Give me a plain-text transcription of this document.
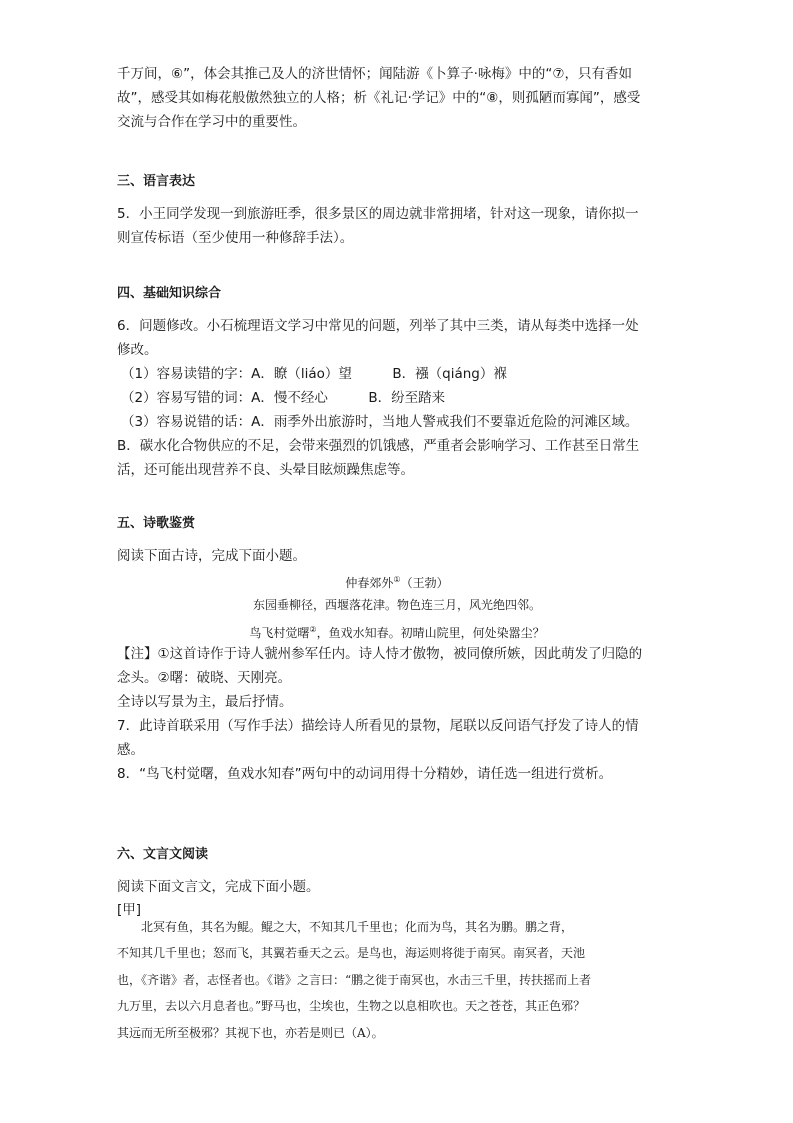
千万间，⑥”，体会其推己及人的济世情怀；闻陆游《卜算子·咏梅》中的“⑦，只有香如
故”，感受其如梅花般傲然独立的人格；析《礼记·学记》中的“⑧，则孤陋而寡闻”，感受
交流与合作在学习中的重要性。
三、语言表达
5．小王同学发现一到旅游旺季，很多景区的周边就非常拥堵，针对这一现象，请你拟一
则宣传标语（至少使用一种修辞手法）。
四、基础知识综合
6．问题修改。小石梳理语文学习中常见的问题，列举了其中三类，请从每类中选择一处
修改。
（1）容易读错的字：A．瞭（liáo）望　　　B．襁（qiáng）褓
（2）容易写错的词：A．慢不经心　　　B．纷至踏来
（3）容易说错的话：A．雨季外出旅游时，当地人警戒我们不要靠近危险的河滩区域。
B．碳水化合物供应的不足，会带来强烈的饥饿感，严重者会影响学习、工作甚至日常生
活，还可能出现营养不良、头晕目眩烦躁焦虑等。
五、诗歌鉴赏
阅读下面古诗，完成下面小题。
仲春郊外①（王勃）
东园垂柳径，西堰落花津。物色连三月，风光绝四邻。
鸟飞村觉曙②，鱼戏水知春。初晴山院里，何处染嚣尘？
【注】①这首诗作于诗人虢州参军任内。诗人恃才傲物，被同僚所嫉，因此萌发了归隐的
念头。②曙：破晓、天刚亮。
全诗以写景为主，最后抒情。
7．此诗首联采用（写作手法）描绘诗人所看见的景物，尾联以反问语气抒发了诗人的情
感。
8．“鸟飞村觉曙，鱼戏水知春”两句中的动词用得十分精妙，请任选一组进行赏析。
六、文言文阅读
阅读下面文言文，完成下面小题。
[甲]
北冥有鱼，其名为鲲。鲲之大，不知其几千里也；化而为鸟，其名为鹏。鹏之背，
不知其几千里也；怒而飞，其翼若垂天之云。是鸟也，海运则将徙于南冥。南冥者，天池
也，《齐谐》者，志怪者也。《谐》之言曰：“鹏之徙于南冥也，水击三千里，抟扶摇而上者
九万里，去以六月息者也。”野马也，尘埃也，生物之以息相吹也。天之苍苍，其正色邪？
其远而无所至极邪？其视下也，亦若是则已（A）。
